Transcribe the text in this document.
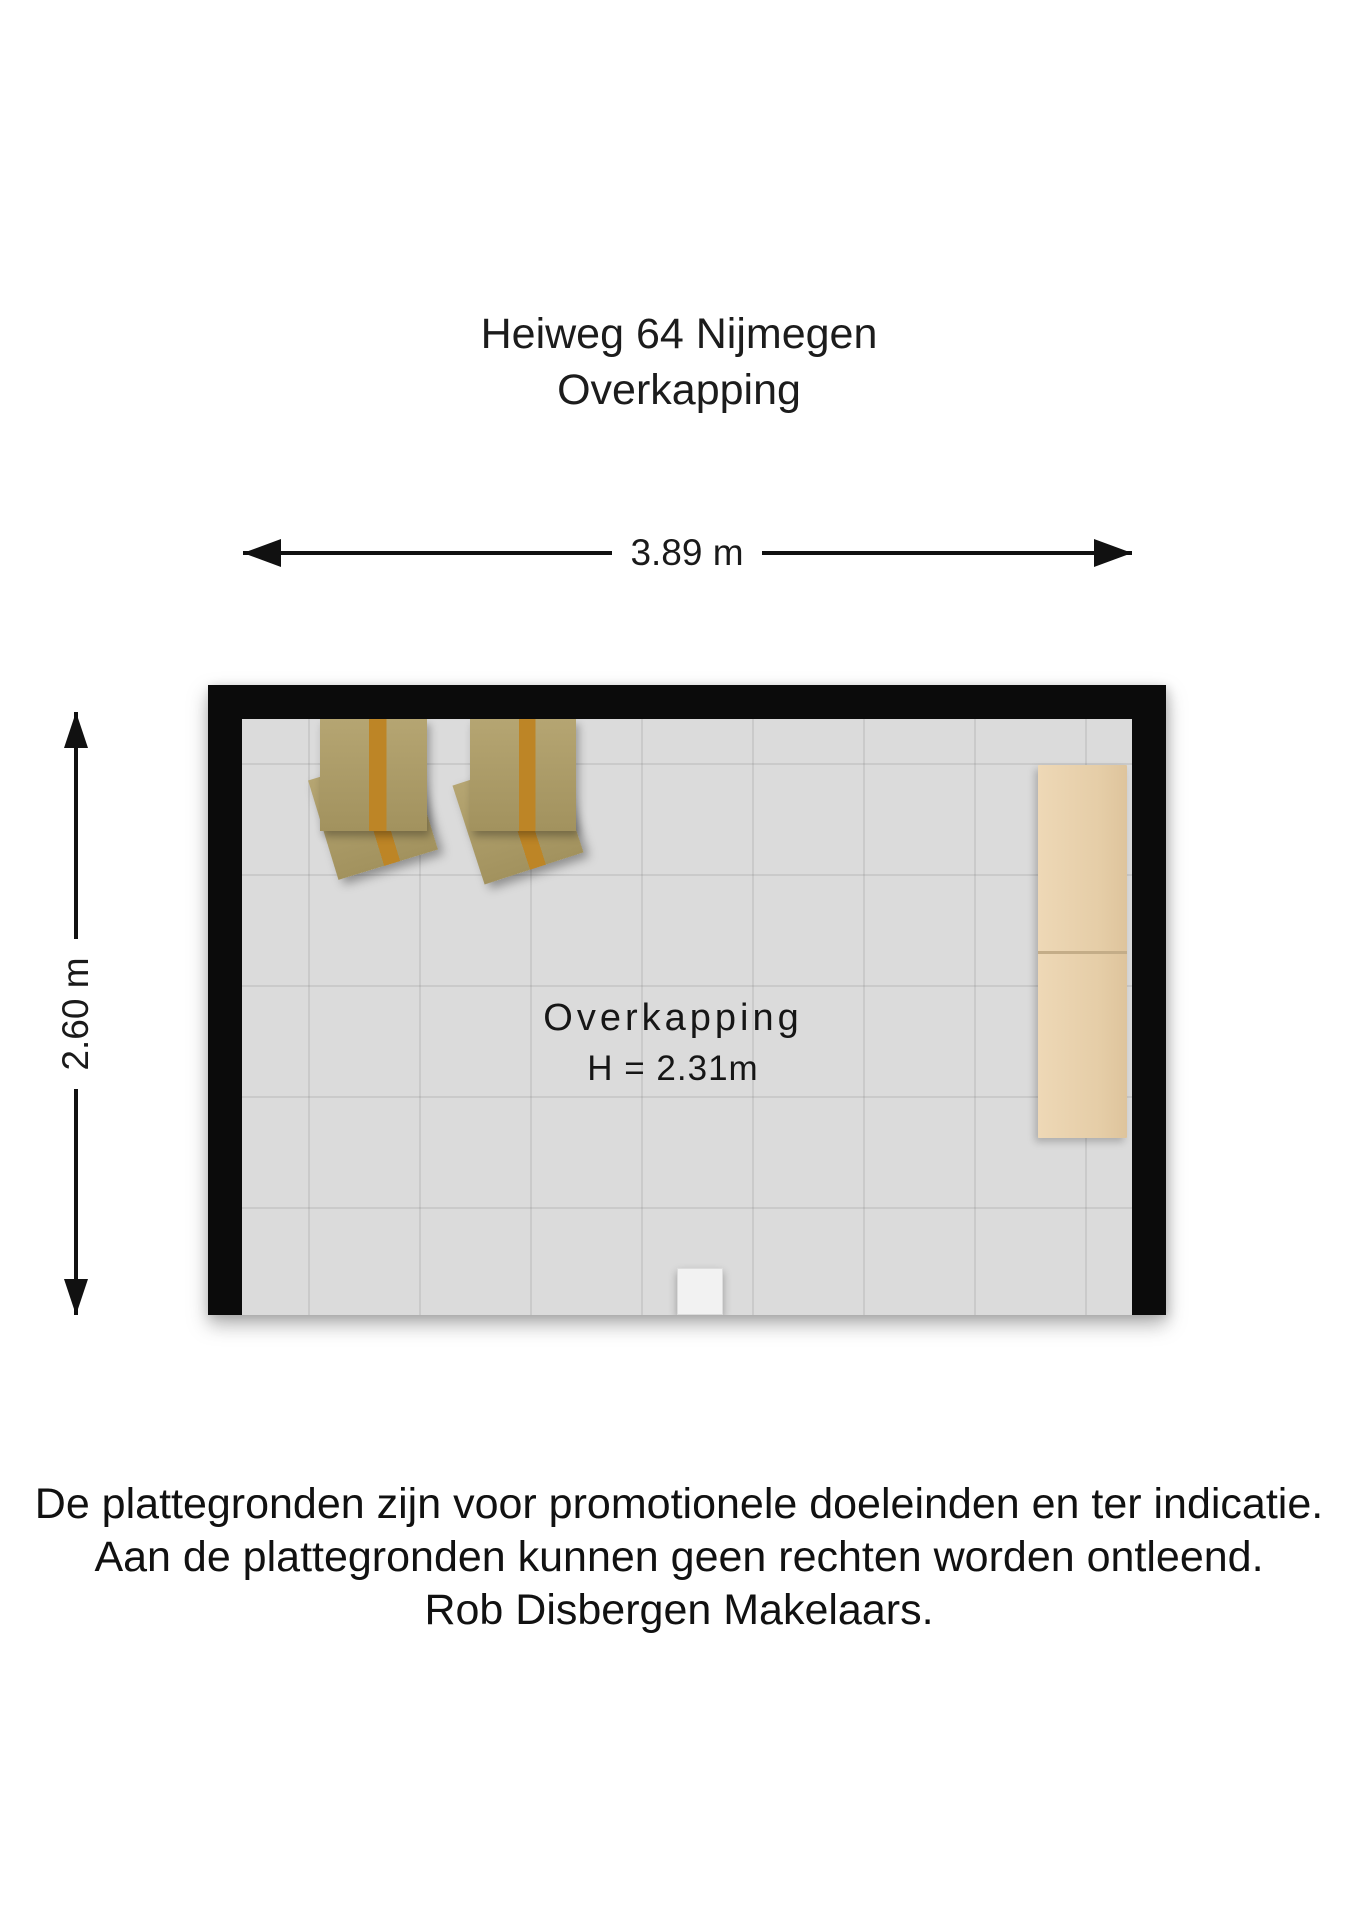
Heiweg 64 Nijmegen
Overkapping
3.89 m
2.60 m	Overkapping
H = 2.31m
De plattegronden zijn voor promotionele doeleinden en ter indicatie.
Aan de plattegronden kunnen geen rechten worden ontleend.
Rob Disbergen Makelaars.
